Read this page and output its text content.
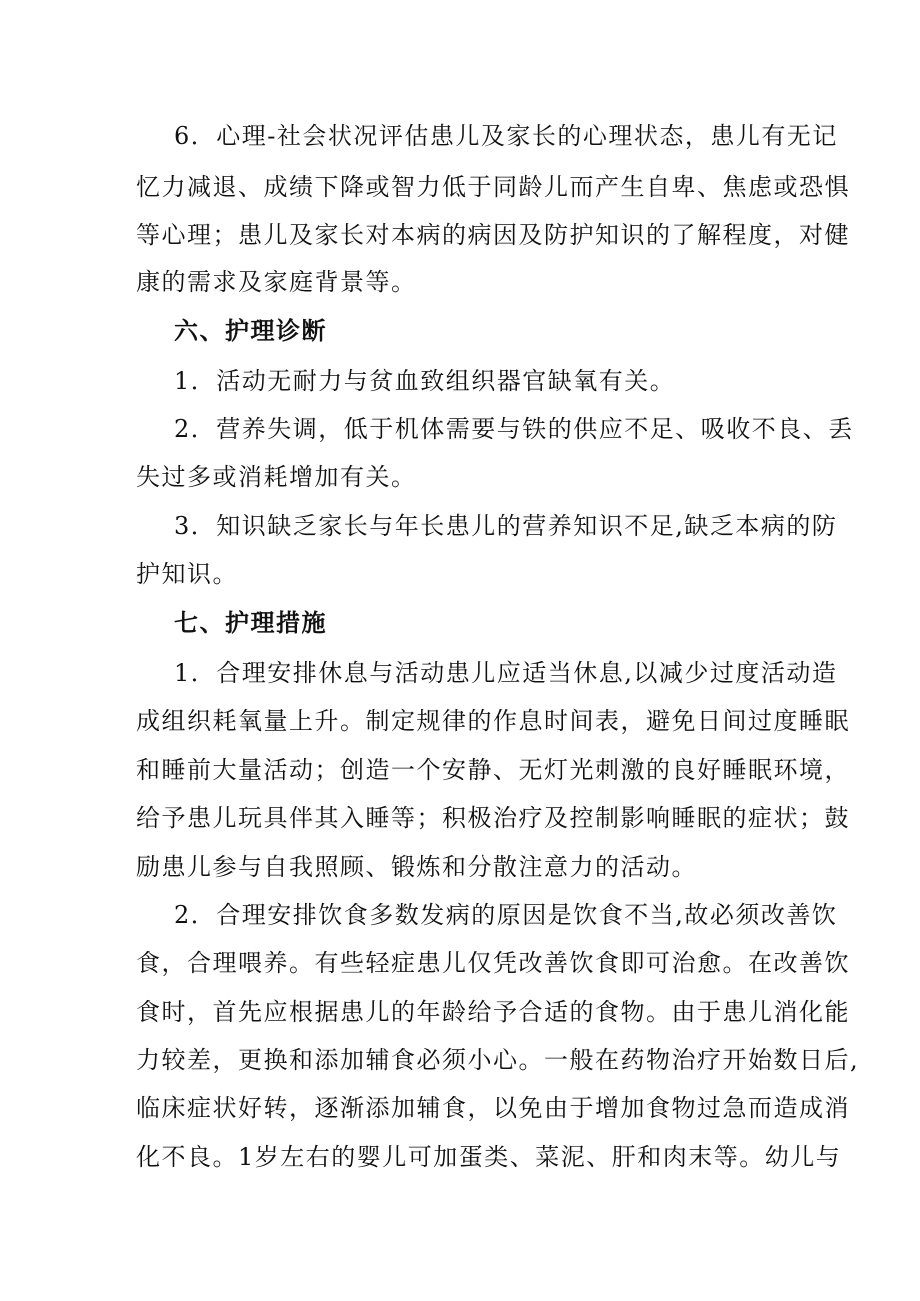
6．心理-社会状况评估患儿及家长的心理状态，患儿有无记
忆力减退、成绩下降或智力低于同龄儿而产生自卑、焦虑或恐惧
等心理；患儿及家长对本病的病因及防护知识的了解程度，对健
康的需求及家庭背景等。
六、护理诊断
1．活动无耐力与贫血致组织器官缺氧有关。
2．营养失调，低于机体需要与铁的供应不足、吸收不良、丢
失过多或消耗增加有关。
3．知识缺乏家长与年长患儿的营养知识不足,缺乏本病的防
护知识。
七、护理措施
1．合理安排休息与活动患儿应适当休息,以减少过度活动造
成组织耗氧量上升。制定规律的作息时间表，避免日间过度睡眠
和睡前大量活动；创造一个安静、无灯光刺激的良好睡眠环境，
给予患儿玩具伴其入睡等；积极治疗及控制影响睡眠的症状；鼓
励患儿参与自我照顾、锻炼和分散注意力的活动。
2．合理安排饮食多数发病的原因是饮食不当,故必须改善饮
食，合理喂养。有些轻症患儿仅凭改善饮食即可治愈。在改善饮
食时，首先应根据患儿的年龄给予合适的食物。由于患儿消化能
力较差，更换和添加辅食必须小心。一般在药物治疗开始数日后,
临床症状好转，逐渐添加辅食，以免由于增加食物过急而造成消
化不良。1岁左右的婴儿可加蛋类、菜泥、肝和肉末等。幼儿与
